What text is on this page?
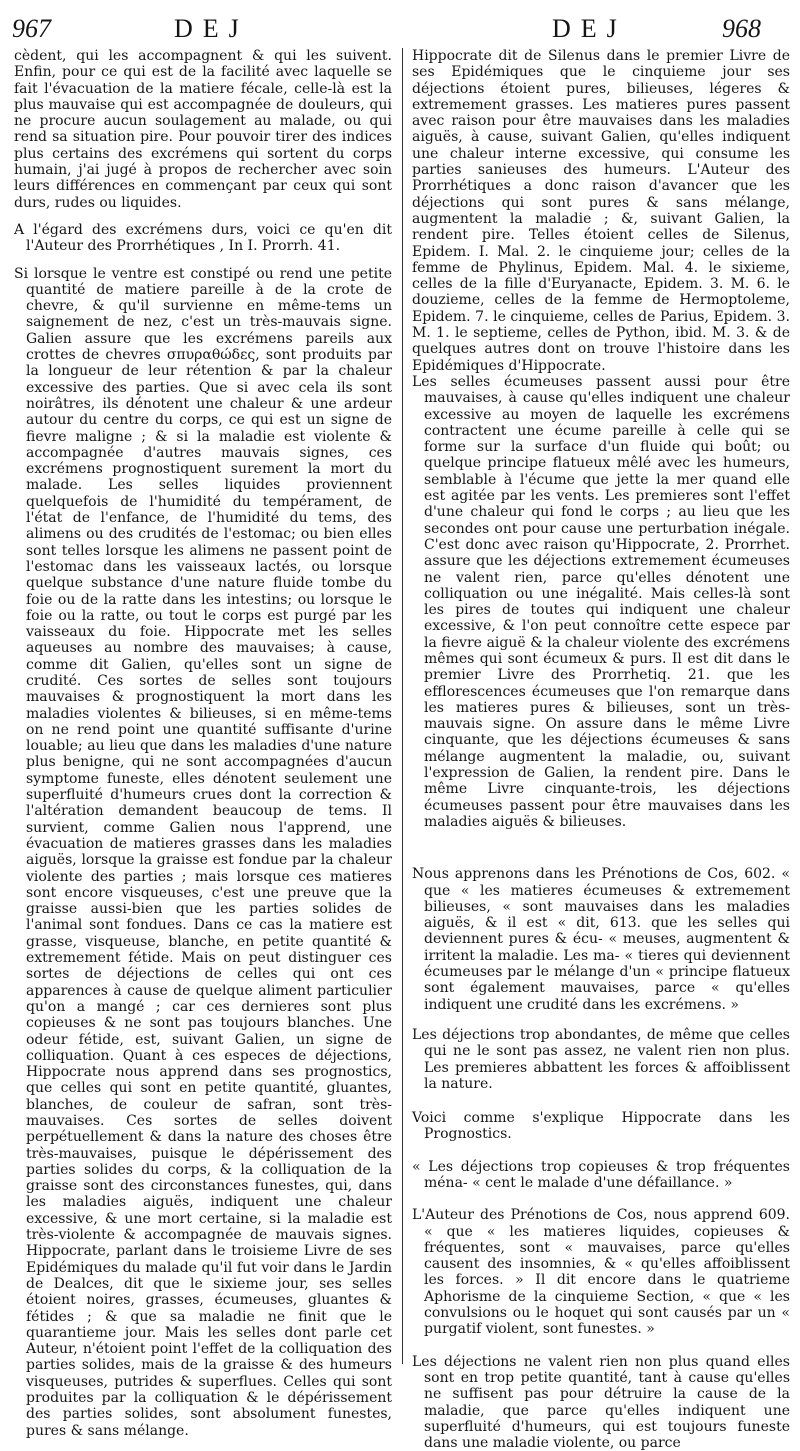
967	DEJ	DEJ	968

cèdent, qui les accompagnent & qui les suivent. Enfin, pour ce qui est de la facilité avec laquelle se fait l'évacuation de la matiere fécale, celle-là est la plus mauvaise qui est accompagnée de douleurs, qui ne procure aucun soulagement au malade, ou qui rend sa situation pire. Pour pouvoir tirer des indices plus certains des excrémens qui sortent du corps humain, j'ai jugé à propos de rechercher avec soin leurs différences en commençant par ceux qui sont durs, rudes ou liquides.

A l'égard des excrémens durs, voici ce qu'en dit l'Auteur des Prorrhétiques , In I. Prorrh. 41.

Si lorsque le ventre est constipé ou rend une petite quantité de matiere pareille à de la crote de chevre, & qu'il survienne en même-tems un saignement de nez, c'est un très-mauvais signe. Galien assure que les excrémens pareils aux crottes de chevres σπυραθώδες, sont produits par la longueur de leur rétention & par la chaleur excessive des parties. Que si avec cela ils sont noirâtres, ils dénotent une chaleur & une ardeur autour du centre du corps, ce qui est un signe de fievre maligne ; & si la maladie est violente & accompagnée d'autres mauvais signes, ces excrémens prognostiquent surement la mort du malade. Les selles liquides proviennent quelquefois de l'humidité du tempérament, de l'état de l'enfance, de l'humidité du tems, des alimens ou des crudités de l'estomac; ou bien elles sont telles lorsque les alimens ne passent point de l'estomac dans les vaisseaux lactés, ou lorsque quelque substance d'une nature fluide tombe du foie ou de la ratte dans les intestins; ou lorsque le foie ou la ratte, ou tout le corps est purgé par les vaisseaux du foie. Hippocrate met les selles aqueuses au nombre des mauvaises; à cause, comme dit Galien, qu'elles sont un signe de crudité. Ces sortes de selles sont toujours mauvaises & prognostiquent la mort dans les maladies violentes & bilieuses, si en même-tems on ne rend point une quantité suffisante d'urine louable; au lieu que dans les maladies d'une nature plus benigne, qui ne sont accompagnées d'aucun symptome funeste, elles dénotent seulement une superfluité d'humeurs crues dont la correction & l'altération demandent beaucoup de tems. Il survient, comme Galien nous l'apprend, une évacuation de matieres grasses dans les maladies aiguës, lorsque la graisse est fondue par la chaleur violente des parties ; mais lorsque ces matieres sont encore visqueuses, c'est une preuve que la graisse aussi-bien que les parties solides de l'animal sont fondues. Dans ce cas la matiere est grasse, visqueuse, blanche, en petite quantité & extremement fétide. Mais on peut distinguer ces sortes de déjections de celles qui ont ces apparences à cause de quelque aliment particulier qu'on a mangé ; car ces dernieres sont plus copieuses & ne sont pas toujours blanches. Une odeur fétide, est, suivant Galien, un signe de colliquation. Quant à ces especes de déjections, Hippocrate nous apprend dans ses prognostics, que celles qui sont en petite quantité, gluantes, blanches, de couleur de safran, sont très-mauvaises. Ces sortes de selles doivent perpétuellement & dans la nature des choses être très-mauvaises, puisque le dépérissement des parties solides du corps, & la colliquation de la graisse sont des circonstances funestes, qui, dans les maladies aiguës, indiquent une chaleur excessive, & une mort certaine, si la maladie est très-violente & accompagnée de mauvais signes. Hippocrate, parlant dans le troisieme Livre de ses Epidémiques du malade qu'il fut voir dans le Jardin de Dealces, dit que le sixieme jour, ses selles étoient noires, grasses, écumeuses, gluantes & fétides ; & que sa maladie ne finit que le quarantieme jour. Mais les selles dont parle cet Auteur, n'étoient point l'effet de la colliquation des parties solides, mais de la graisse & des humeurs visqueuses, putrides & superflues. Celles qui sont produites par la colliquation & le dépérissement des parties solides, sont absolument funestes, pures & sans mélange.

Hippocrate dit de Silenus dans le premier Livre de ses Epidémiques que le cinquieme jour ses déjections étoient pures, bilieuses, légeres & extremement grasses. Les matieres pures passent avec raison pour être mauvaises dans les maladies aiguës, à cause, suivant Galien, qu'elles indiquent une chaleur interne excessive, qui consume les parties sanieuses des humeurs. L'Auteur des Prorrhétiques a donc raison d'avancer que les déjections qui sont pures & sans mélange, augmentent la maladie ; &, suivant Galien, la rendent pire. Telles étoient celles de Silenus, Epidem. I. Mal. 2. le cinquieme jour; celles de la femme de Phylinus, Epidem. Mal. 4. le sixieme, celles de la fille d'Euryanacte, Epidem. 3. M. 6. le douzieme, celles de la femme de Hermoptoleme, Epidem. 7. le cinquieme, celles de Parius, Epidem. 3. M. 1. le septieme, celles de Python, ibid. M. 3. & de quelques autres dont on trouve l'histoire dans les Epidémiques d'Hippocrate.

Les selles écumeuses passent aussi pour être mauvaises, à cause qu'elles indiquent une chaleur excessive au moyen de laquelle les excrémens contractent une écume pareille à celle qui se forme sur la surface d'un fluide qui boût; ou quelque principe flatueux mêlé avec les humeurs, semblable à l'écume que jette la mer quand elle est agitée par les vents. Les premieres sont l'effet d'une chaleur qui fond le corps ; au lieu que les secondes ont pour cause une perturbation inégale. C'est donc avec raison qu'Hippocrate, 2. Prorrhet. assure que les déjections extremement écumeuses ne valent rien, parce qu'elles dénotent une colliquation ou une inégalité. Mais celles-là sont les pires de toutes qui indiquent une chaleur excessive, & l'on peut connoître cette espece par la fievre aiguë & la chaleur violente des excrémens mêmes qui sont écumeux & purs. Il est dit dans le premier Livre des Prorrhetiq. 21. que les efflorescences écumeuses que l'on remarque dans les matieres pures & bilieuses, sont un très-mauvais signe. On assure dans le même Livre cinquante, que les déjections écumeuses & sans mélange augmentent la maladie, ou, suivant l'expression de Galien, la rendent pire. Dans le même Livre cinquante-trois, les déjections écumeuses passent pour être mauvaises dans les maladies aiguës & bilieuses.

Nous apprenons dans les Prénotions de Cos, 602. « que « les matieres écumeuses & extremement bilieuses, « sont mauvaises dans les maladies aiguës, & il est « dit, 613. que les selles qui deviennent pures & écu- « meuses, augmentent & irritent la maladie. Les ma- « tieres qui deviennent écumeuses par le mélange d'un « principe flatueux sont également mauvaises, parce « qu'elles indiquent une crudité dans les excrémens. »

Les déjections trop abondantes, de même que celles qui ne le sont pas assez, ne valent rien non plus. Les premieres abbattent les forces & affoiblissent la nature.

Voici comme s'explique Hippocrate dans les Prognostics.

« Les déjections trop copieuses & trop fréquentes ména- « cent le malade d'une défaillance. »

L'Auteur des Prénotions de Cos, nous apprend 609. « que « les matieres liquides, copieuses & fréquentes, sont « mauvaises, parce qu'elles causent des insomnies, & « qu'elles affoiblissent les forces. » Il dit encore dans le quatrieme Aphorisme de la cinquieme Section, « que « les convulsions ou le hoquet qui sont causés par un « purgatif violent, sont funestes. »

Les déjections ne valent rien non plus quand elles sont en trop petite quantité, tant à cause qu'elles ne suffisent pas pour détruire la cause de la maladie, que parce qu'elles indiquent une superfluité d'humeurs, qui est toujours funeste dans une maladie violente, ou parce
